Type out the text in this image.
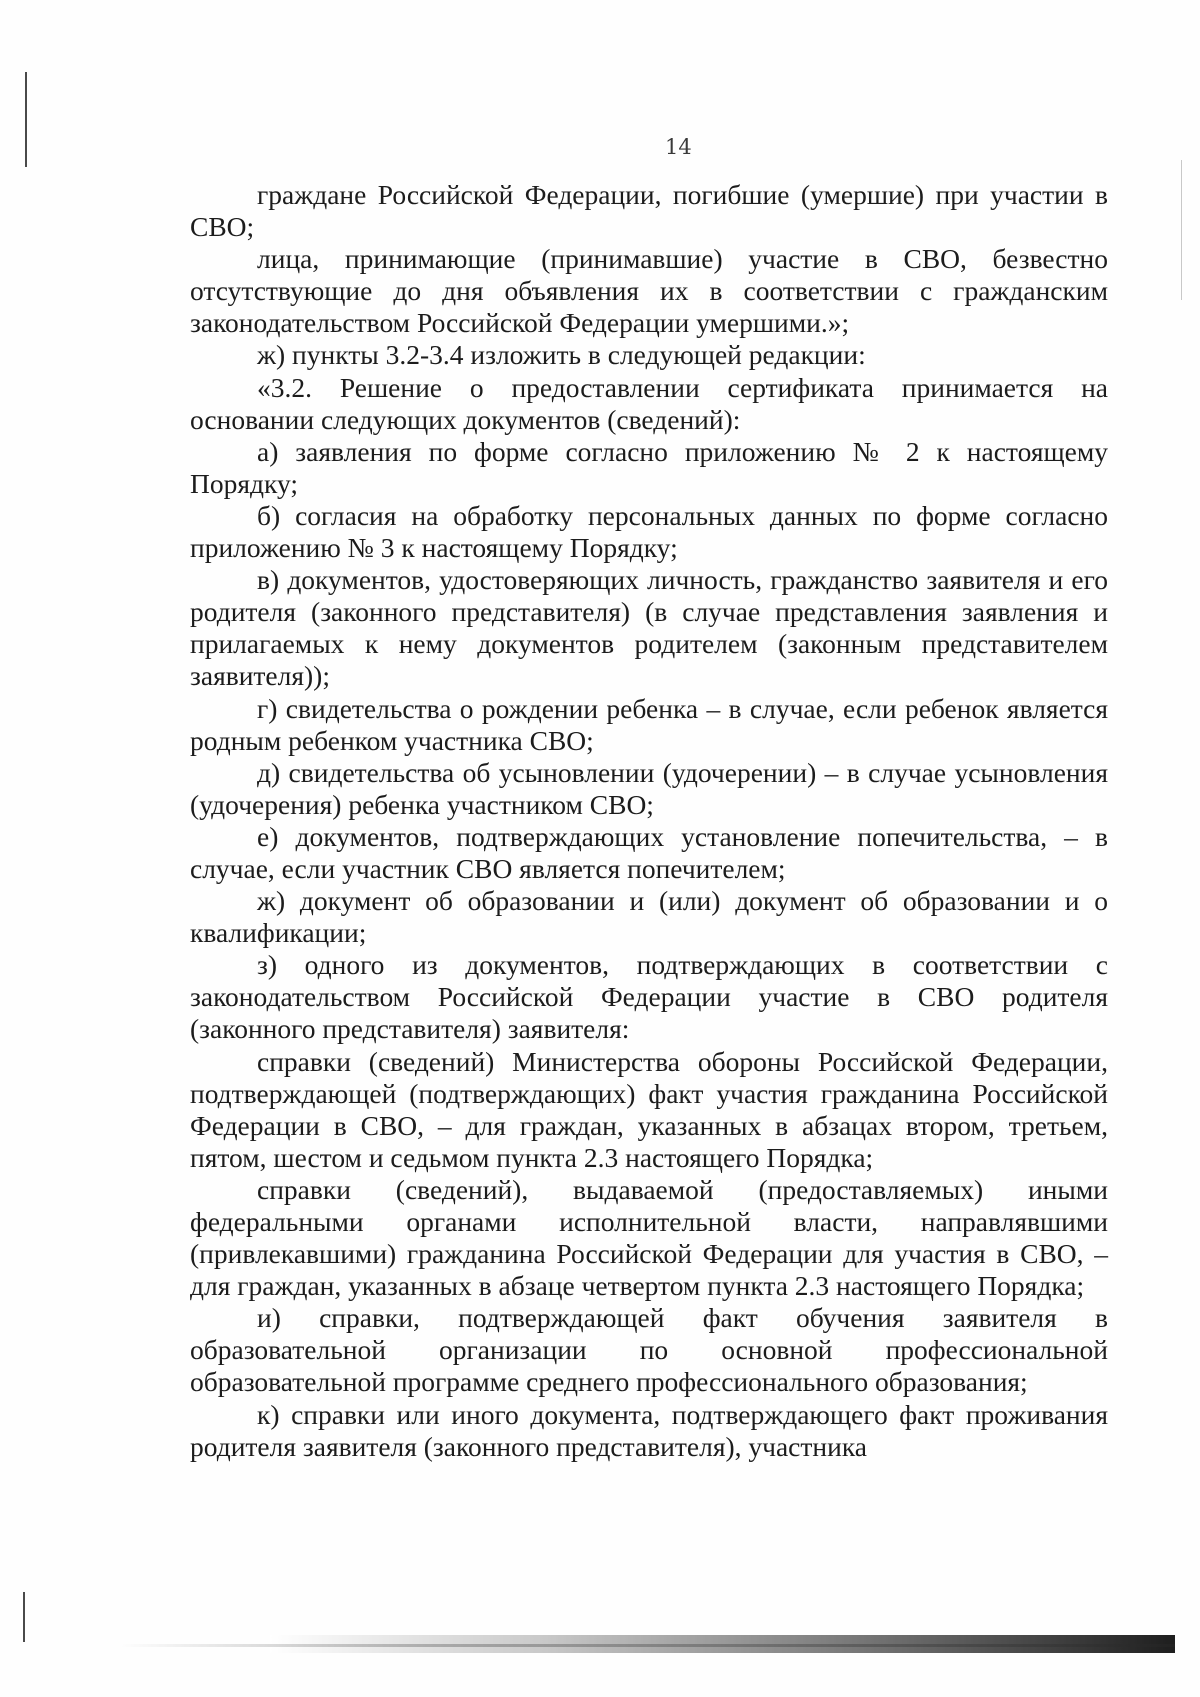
14

граждане Российской Федерации, погибшие (умершие) при участии в СВО;

лица, принимающие (принимавшие) участие в СВО, безвестно отсутствующие до дня объявления их в соответствии с гражданским законодательством Российской Федерации умершими.»;

ж) пункты 3.2-3.4 изложить в следующей редакции:

«3.2. Решение о предоставлении сертификата принимается на основании следующих документов (сведений):

а) заявления по форме согласно приложению № 2 к настоящему Порядку;

б) согласия на обработку персональных данных по форме согласно приложению № 3 к настоящему Порядку;

в) документов, удостоверяющих личность, гражданство заявителя и его родителя (законного представителя) (в случае представления заявления и прилагаемых к нему документов родителем (законным представителем заявителя));

г) свидетельства о рождении ребенка – в случае, если ребенок является родным ребенком участника СВО;

д) свидетельства об усыновлении (удочерении) – в случае усыновления (удочерения) ребенка участником СВО;

е) документов, подтверждающих установление попечительства, – в случае, если участник СВО является попечителем;

ж) документ об образовании и (или) документ об образовании и о квалификации;

з) одного из документов, подтверждающих в соответствии с законодательством Российской Федерации участие в СВО родителя (законного представителя) заявителя:

справки (сведений) Министерства обороны Российской Федерации, подтверждающей (подтверждающих) факт участия гражданина Российской Федерации в СВО, – для граждан, указанных в абзацах втором, третьем, пятом, шестом и седьмом пункта 2.3 настоящего Порядка;

справки (сведений), выдаваемой (предоставляемых) иными федеральными органами исполнительной власти, направлявшими (привлекавшими) гражданина Российской Федерации для участия в СВО, – для граждан, указанных в абзаце четвертом пункта 2.3 настоящего Порядка;

и) справки, подтверждающей факт обучения заявителя в образовательной организации по основной профессиональной образовательной программе среднего профессионального образования;

к) справки или иного документа, подтверждающего факт проживания родителя заявителя (законного представителя), участника
